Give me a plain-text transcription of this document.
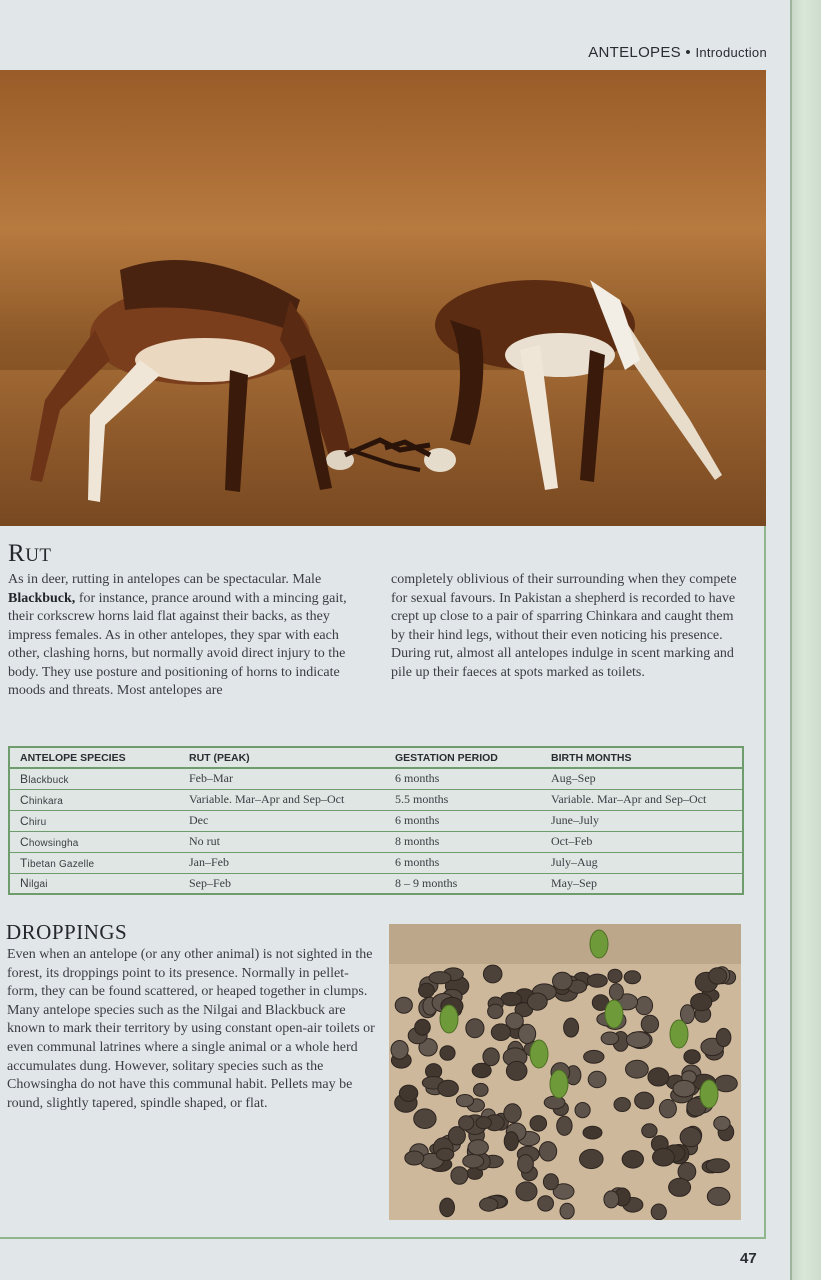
ANTELOPES • Introduction
RUT
As in deer, rutting in antelopes can be spectacular. Male Blackbuck, for instance, prance around with a mincing gait, their corkscrew horns laid flat against their backs, as they impress females. As in other antelopes, they spar with each other, clashing horns, but normally avoid direct injury to the body. They use posture and positioning of horns to indicate moods and threats. Most antelopes are
completely oblivious of their surrounding when they compete for sexual favours. In Pakistan a shepherd is recorded to have crept up close to a pair of sparring Chinkara and caught them by their hind legs, without their even noticing his presence. During rut, almost all antelopes indulge in scent marking and pile up their faeces at spots marked as toilets.
ANTELOPE SPECIES	RUT (PEAK)	GESTATION PERIOD	BIRTH MONTHS
Blackbuck	Feb–Mar	6 months	Aug–Sep
Chinkara	Variable. Mar–Apr and Sep–Oct	5.5 months	Variable. Mar–Apr and Sep–Oct
Chiru	Dec	6 months	June–July
Chowsingha	No rut	8 months	Oct–Feb
Tibetan Gazelle	Jan–Feb	6 months	July–Aug
Nilgai	Sep–Feb	8 – 9 months	May–Sep
DROPPINGS
Even when an antelope (or any other animal) is not sighted in the forest, its droppings point to its presence. Normally in pellet-form, they can be found scattered, or heaped together in clumps. Many antelope species such as the Nilgai and Blackbuck are known to mark their territory by using constant open-air toilets or even communal latrines where a single animal or a whole herd accumulates dung. However, solitary species such as the Chowsingha do not have this communal habit. Pellets may be round, slightly tapered, spindle shaped, or flat.
47
